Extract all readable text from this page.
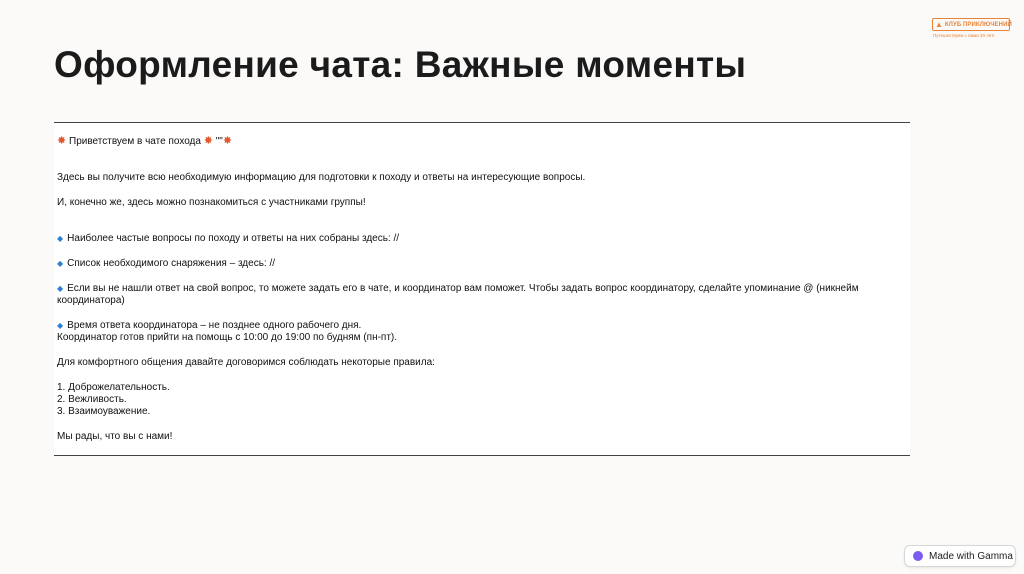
Оформление чата: Важные моменты
▲ КЛУБ ПРИКЛЮЧЕНИЙ
Путешествуем с вами 20 лет!

✸ Приветствуем в чате похода ✸ ""✸

Здесь вы получите всю необходимую информацию для подготовки к походу и ответы на интересующие вопросы.

И, конечно же, здесь можно познакомиться с участниками группы!

◆ Наиболее частые вопросы по походу и ответы на них собраны здесь: //

◆ Список необходимого снаряжения – здесь: //

◆ Если вы не нашли ответ на свой вопрос, то можете задать его в чате, и координатор вам поможет. Чтобы задать вопрос координатору, сделайте упоминание @ (никнейм

координатора)

◆ Время ответа координатора – не позднее одного рабочего дня.

Координатор готов прийти на помощь с 10:00 до 19:00 по будням (пн-пт).

Для комфортного общения давайте договоримся соблюдать некоторые правила:

1. Доброжелательность.

2. Вежливость.

3. Взаимоуважение.

Мы рады, что вы с нами!

Made with Gamma
